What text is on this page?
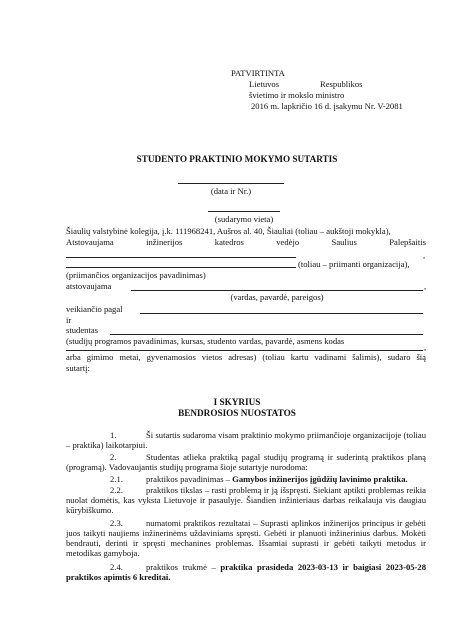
PATVIRTINTA
Lietuvos	Respublikos
švietimo ir mokslo ministro
2016 m. lapkričio 16 d. įsakymu Nr. V-2081
STUDENTO PRAKTINIO MOKYMO SUTARTIS
(data ir Nr.)
(sudarymo vieta)
Šiaulių valstybinė kolegija, į.k. 111968241, Aušros al. 40, Šiauliai (toliau – aukštoji mokykla),
Atstovaujama inžinerijos katedros vedėjo Saulius Palepšaitis
,
(toliau – priimanti organizacija),
(priimančios organizacijos pavadinimas)
atstovaujama	,
(vardas, pavardė, pareigos)
veikiančio pagal
ir
studentas
(studijų programos pavadinimas, kursas, studento vardas, pavardė, asmens kodas
,
arba gimimo metai, gyvenamosios vietos adresas) (toliau kartu vadinami šalimis), sudaro šią
sutartį:
I SKYRIUS
BENDROSIOS NUOSTATOS
1.	Ši sutartis sudaroma visam praktinio mokymo priimančioje organizacijoje (toliau – praktika) laikotarpiui.
2.	Studentas atlieka praktiką pagal studijų programą ir suderintą praktikos planą (programą). Vadovaujantis studijų programa šioje sutartyje nurodoma:
2.1.	praktikos pavadinimas – Gamybos inžinerijos įgūdžių lavinimo praktika.
2.2.	praktikos tikslas – rasti problemą ir ją išspręsti. Siekiant aptikti problemas reikia nuolat domėtis, kas vyksta Lietuvoje ir pasaulyje. Šiandien inžinieriaus darbas reikalauja vis daugiau kūrybiškumo.
2.3.	numatomi praktikos rezultatai – Suprasti aplinkos inžinerijos principus ir gebėti juos taikyti naujiems inžinerinėms uždaviniams spręsti. Gebėti ir planuoti inžinerinius darbus. Mokėti bendrauti, derinti ir spręsti mechanines problemas. Išsamiai suprasti ir gebėti taikyti metodus ir metodikas gamyboja.
2.4.	praktikos trukmė – praktika prasideda 2023-03-13 ir baigiasi 2023-05-28 praktikos apimtis 6 kreditai.
